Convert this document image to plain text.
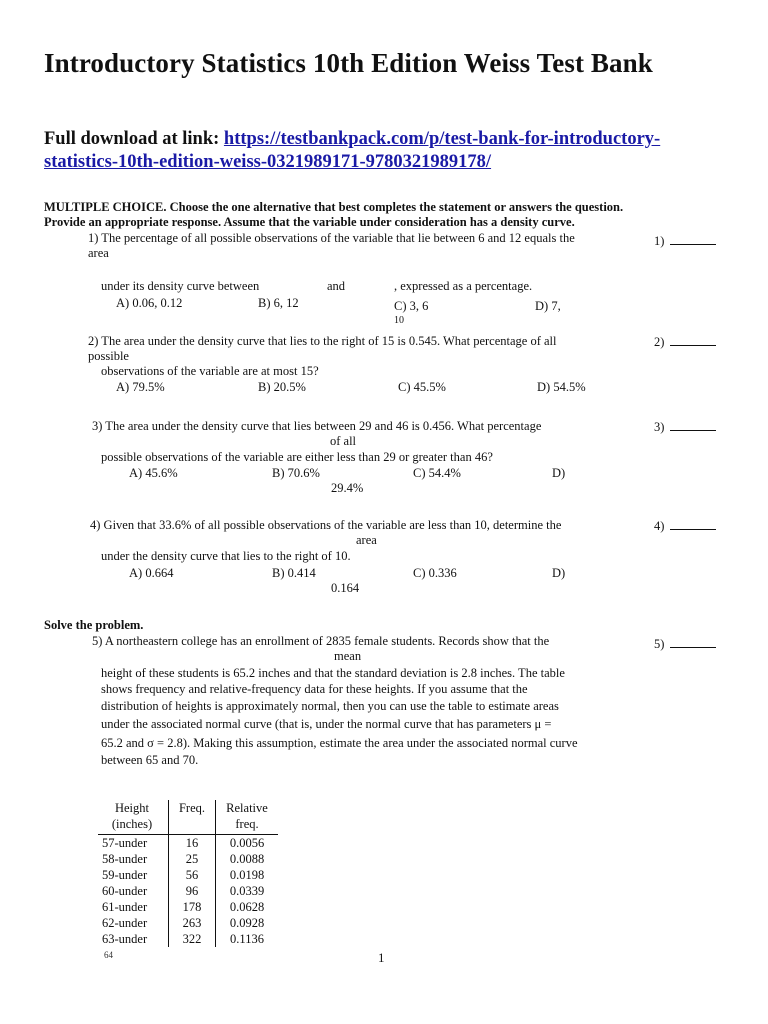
Introductory Statistics 10th Edition Weiss Test Bank
Full download at link: https://testbankpack.com/p/test-bank-for-introductory-
statistics-10th-edition-weiss-0321989171-9780321989178/
MULTIPLE CHOICE. Choose the one alternative that best completes the statement or answers the question.
Provide an appropriate response. Assume that the variable under consideration has a density curve.
1) The percentage of all possible observations of the variable that lie between 6 and 12 equals the
area
under its density curve between	and	, expressed as a percentage.
A) 0.06, 0.12	B) 6, 12	C) 3, 6	D) 7,
10
1)
2) The area under the density curve that lies to the right of 15 is 0.545. What percentage of all
possible
observations of the variable are at most 15?
A) 79.5%	B) 20.5%	C) 45.5%	D) 54.5%
2)
3) The area under the density curve that lies between 29 and 46 is 0.456. What percentage
of all
possible observations of the variable are either less than 29 or greater than 46?
A) 45.6%	B) 70.6%	C) 54.4%	D)
29.4%
3)
4) Given that 33.6% of all possible observations of the variable are less than 10, determine the
area
under the density curve that lies to the right of 10.
A) 0.664	B) 0.414	C) 0.336	D)
0.164
4)
Solve the problem.
5) A northeastern college has an enrollment of 2835 female students. Records show that the
mean
height of these students is 65.2 inches and that the standard deviation is 2.8 inches. The table
shows frequency and relative-frequency data for these heights. If you assume that the
distribution of heights is approximately normal, then you can use the table to estimate areas
under the associated normal curve (that is, under the normal curve that has parameters μ =
65.2 and σ = 2.8). Making this assumption, estimate the area under the associated normal curve
between 65 and 70.
5)
Height (inches)	Freq.	Relative freq.
57-under	16	0.0056
58-under	25	0.0088
59-under	56	0.0198
60-under	96	0.0339
61-under	178	0.0628
62-under	263	0.0928
63-under	322	0.1136
64	1
